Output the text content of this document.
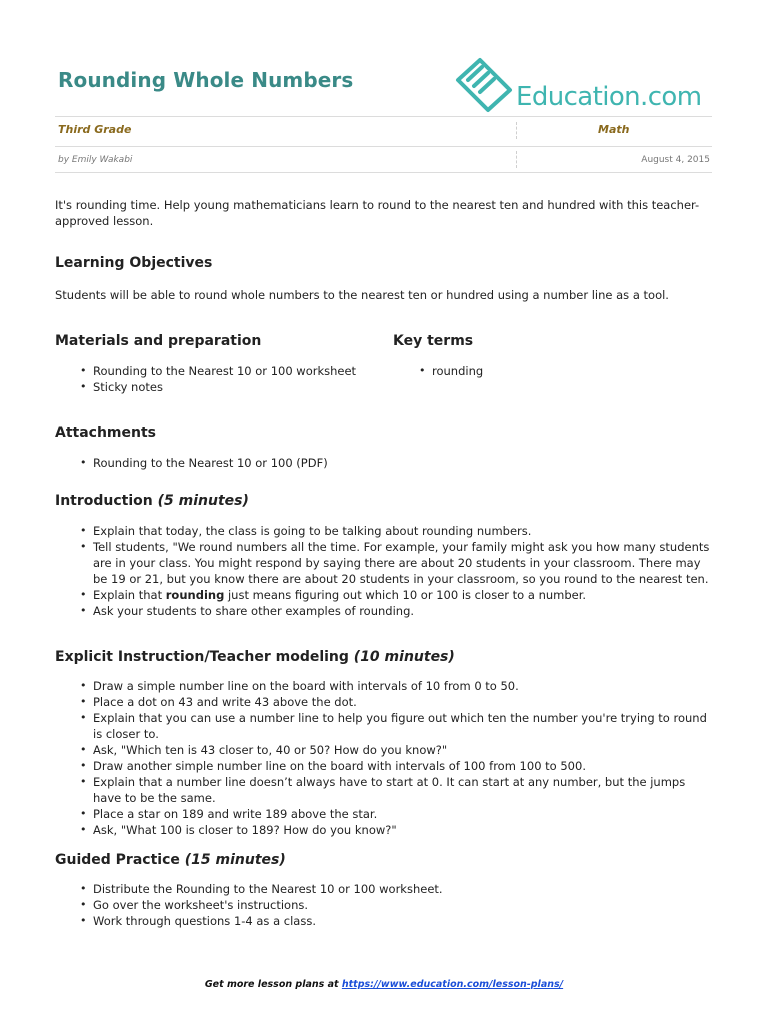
Rounding Whole Numbers
Education.com
Third Grade	Math
by Emily Wakabi	August 4, 2015
It's rounding time. Help young mathematicians learn to round to the nearest ten and hundred with this teacher-approved lesson.
Learning Objectives
Students will be able to round whole numbers to the nearest ten or hundred using a number line as a tool.
Materials and preparation
• Rounding to the Nearest 10 or 100 worksheet
• Sticky notes
Key terms
• rounding
Attachments
• Rounding to the Nearest 10 or 100 (PDF)
Introduction (5 minutes)
• Explain that today, the class is going to be talking about rounding numbers.
• Tell students, "We round numbers all the time. For example, your family might ask you how many students are in your class. You might respond by saying there are about 20 students in your classroom. There may be 19 or 21, but you know there are about 20 students in your classroom, so you round to the nearest ten.
• Explain that rounding just means figuring out which 10 or 100 is closer to a number.
• Ask your students to share other examples of rounding.
Explicit Instruction/Teacher modeling (10 minutes)
• Draw a simple number line on the board with intervals of 10 from 0 to 50.
• Place a dot on 43 and write 43 above the dot.
• Explain that you can use a number line to help you figure out which ten the number you're trying to round is closer to.
• Ask, "Which ten is 43 closer to, 40 or 50? How do you know?"
• Draw another simple number line on the board with intervals of 100 from 100 to 500.
• Explain that a number line doesn’t always have to start at 0. It can start at any number, but the jumps have to be the same.
• Place a star on 189 and write 189 above the star.
• Ask, "What 100 is closer to 189? How do you know?"
Guided Practice (15 minutes)
• Distribute the Rounding to the Nearest 10 or 100 worksheet.
• Go over the worksheet's instructions.
• Work through questions 1-4 as a class.
Get more lesson plans at https://www.education.com/lesson-plans/
